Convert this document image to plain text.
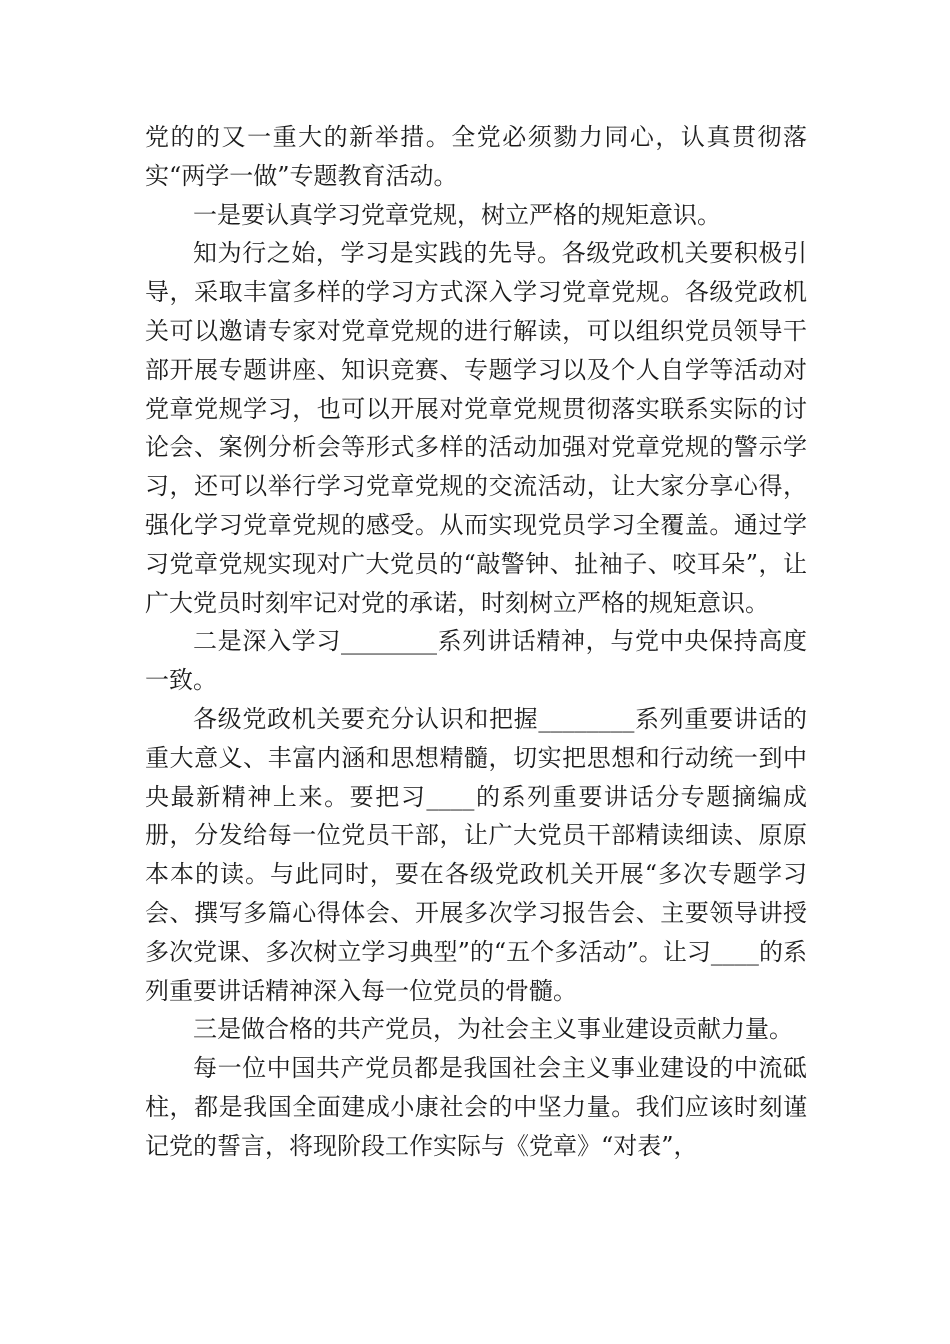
党的的又一重大的新举措。全党必须勠力同心，认真贯彻落实“两学一做”专题教育活动。

一是要认真学习党章党规，树立严格的规矩意识。

知为行之始，学习是实践的先导。各级党政机关要积极引导，采取丰富多样的学习方式深入学习党章党规。各级党政机关可以邀请专家对党章党规的进行解读，可以组织党员领导干部开展专题讲座、知识竞赛、专题学习以及个人自学等活动对党章党规学习，也可以开展对党章党规贯彻落实联系实际的讨论会、案例分析会等形式多样的活动加强对党章党规的警示学习，还可以举行学习党章党规的交流活动，让大家分享心得，强化学习党章党规的感受。从而实现党员学习全覆盖。通过学习党章党规实现对广大党员的“敲警钟、扯袖子、咬耳朵”，让广大党员时刻牢记对党的承诺，时刻树立严格的规矩意识。

二是深入学习________系列讲话精神，与党中央保持高度一致。

各级党政机关要充分认识和把握________系列重要讲话的重大意义、丰富内涵和思想精髓，切实把思想和行动统一到中央最新精神上来。要把习____的系列重要讲话分专题摘编成册，分发给每一位党员干部，让广大党员干部精读细读、原原本本的读。与此同时，要在各级党政机关开展“多次专题学习会、撰写多篇心得体会、开展多次学习报告会、主要领导讲授多次党课、多次树立学习典型”的“五个多活动”。让习____的系列重要讲话精神深入每一位党员的骨髓。

三是做合格的共产党员，为社会主义事业建设贡献力量。

每一位中国共产党员都是我国社会主义事业建设的中流砥柱，都是我国全面建成小康社会的中坚力量。我们应该时刻谨记党的誓言，将现阶段工作实际与《党章》“对表”，
